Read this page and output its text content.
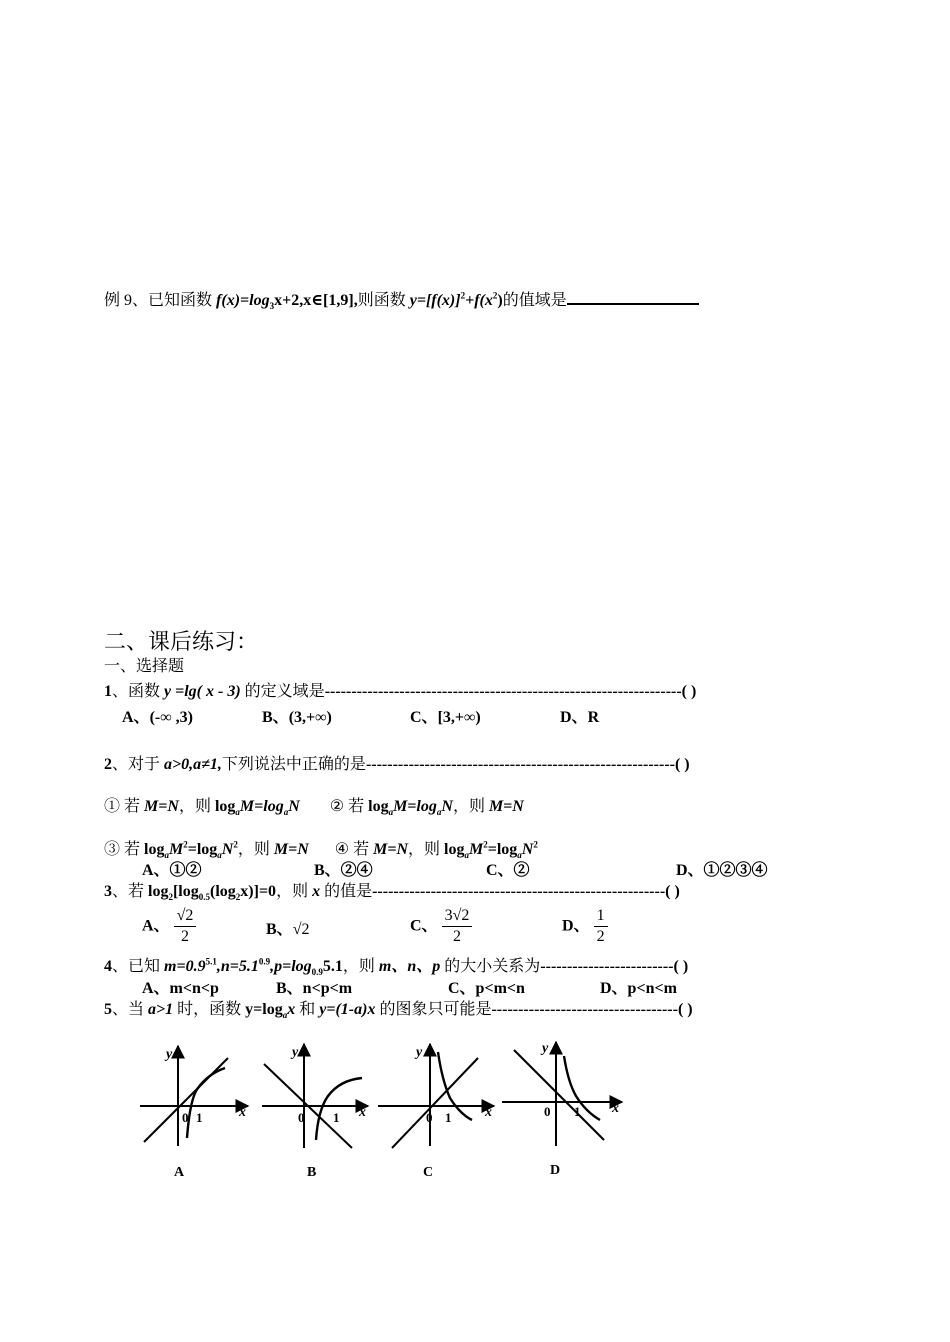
例 9、已知函数 $f(x)=\log_3x+2,x\in[1,9]$,则函数 $y=[f(x)]^2+f(x^2)$的值域是
二、课后练习：
一、选择题
1、函数 y =lg( x - 3) 的定义域是-------------------------------------------------------------------( )
A、(-∞ ,3)	B、(3,+∞)	C、[3,+∞)	D、R
2、对于 a>0,a≠1,下列说法中正确的是----------------------------------------------------------( )
① 若 M=N，则 $\log_aM=\log_aN$ ② 若 $\log_aM=\log_aN$，则 M=N
③ 若 $\log_aM^2=\log_aN^2$，则 M=N ④ 若 M=N，则 $\log_aM^2=\log_aN^2$
A、①②	B、②④	C、②	D、①②③④
3、若 $\log_2[\log_{0.5}(\log_2x)]=0$，则 x 的值是-------------------------------------------------------( )
A、 $\frac{√2}{2}$	B、√2	C、 $\frac{3√2}{2}$	D、 $\frac{1}{2}$
4、已知 $m=0.9^{5.1},n=5.1^{0.9},p=\log_{0.9}5.1$，则 m、n、p 的大小关系为-------------------------( )
A、m<n<p	B、n<p<m	C、p<m<n	D、p<n<m
5、当 a>1 时，函数 $y=\log_ax$ 和 y=(1-a)x 的图象只可能是-----------------------------------( )
y
x
0 1
A
y
x
0 1
B
y
x
0 1
C
y
x
0 1
D
